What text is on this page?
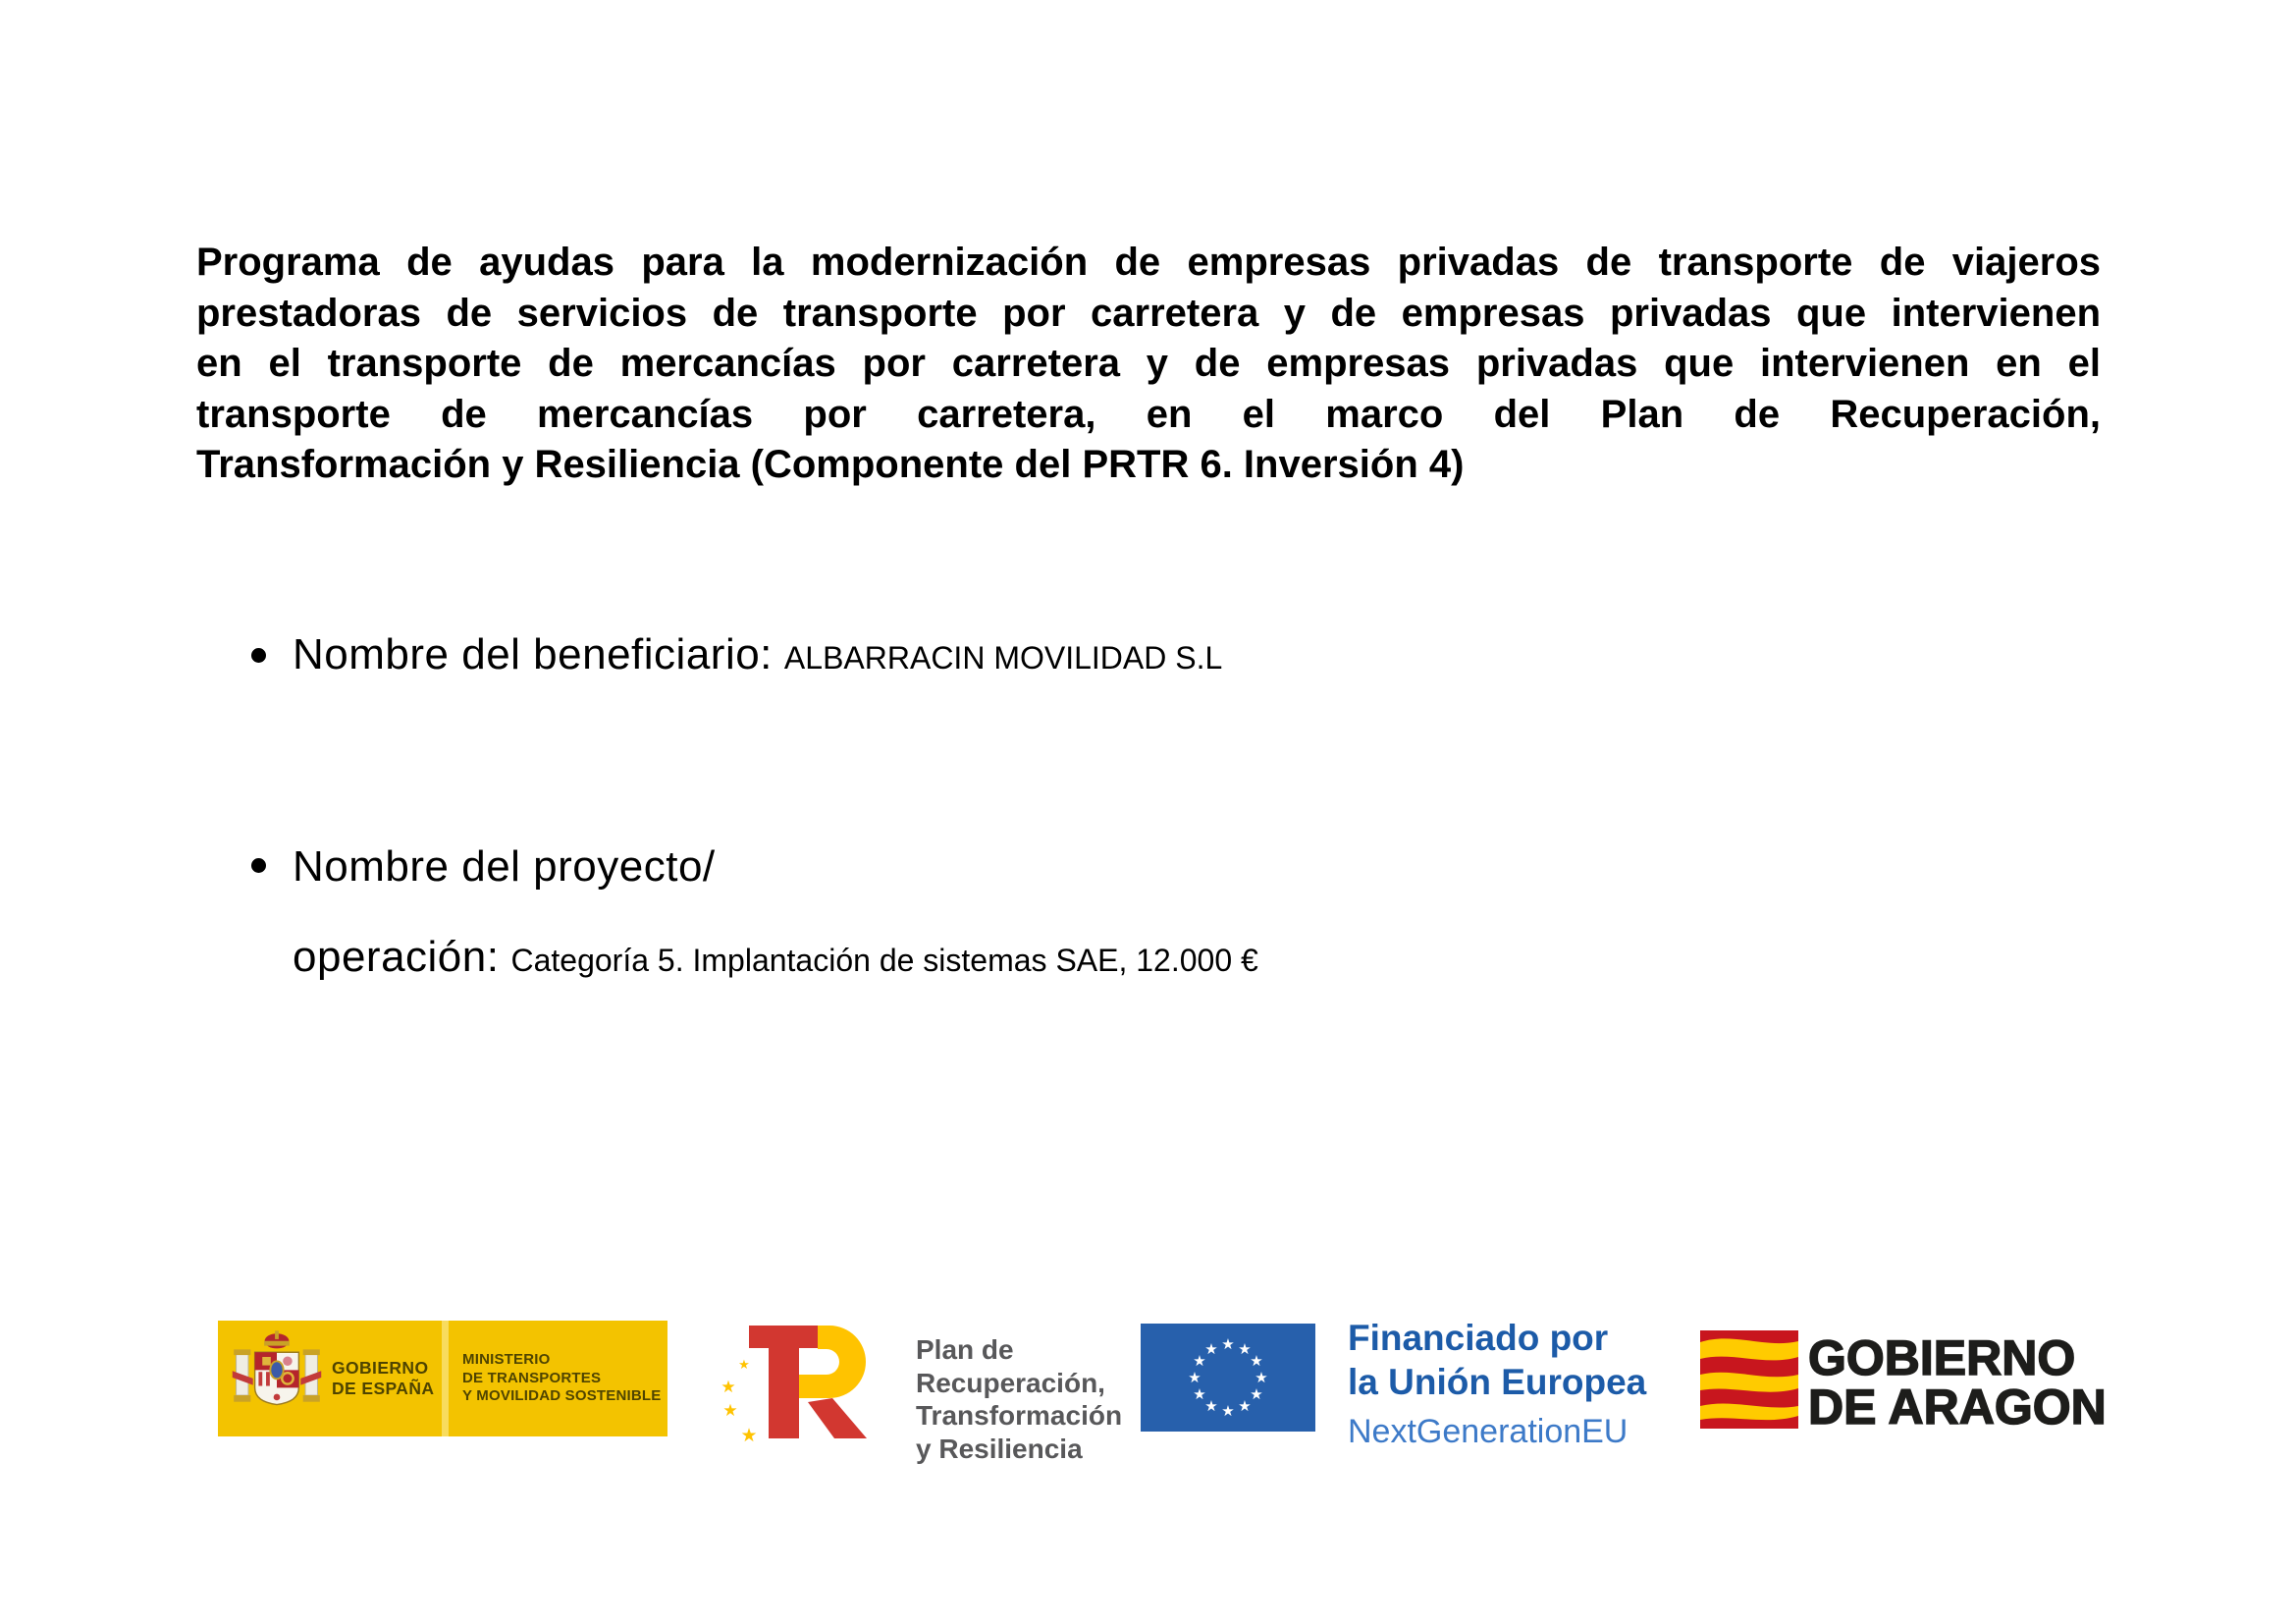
Programa de ayudas para la modernización de empresas privadas de transporte de viajeros
prestadoras de servicios de transporte por carretera y de empresas privadas que intervienen
en el transporte de mercancías por carretera y de empresas privadas que intervienen en el
transporte de mercancías por carretera, en el marco del Plan de Recuperación,
Transformación y Resiliencia (Componente del PRTR 6. Inversión 4)
Nombre del beneficiario: ALBARRACIN MOVILIDAD S.L
Nombre del proyecto/
operación: Categoría 5. Implantación de sistemas SAE, 12.000 €
GOBIERNO
DE ESPAÑA
MINISTERIO
DE TRANSPORTES
Y MOVILIDAD SOSTENIBLE
★
★
★
★
Plan de
Recuperación,
Transformación
y Resiliencia
★ ★
★
★
★
★
★
★
★
★
★
★	Financiado por
la Unión Europea
NextGenerationEU
GOBIERNO
DE ARAGON
